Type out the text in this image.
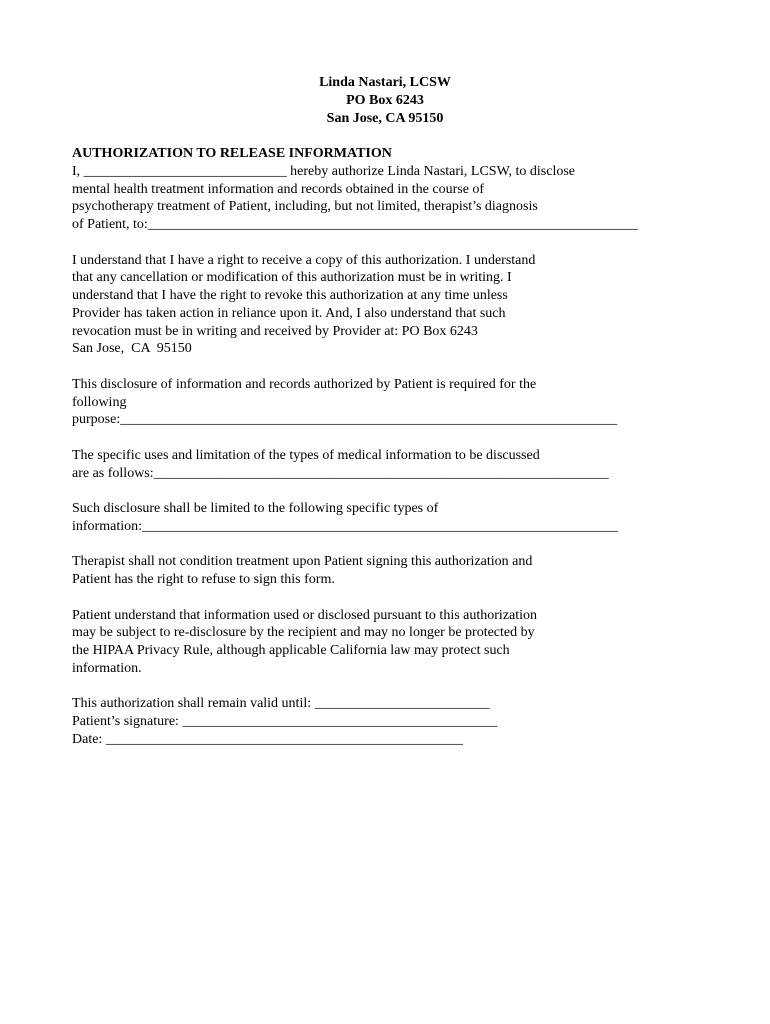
Linda Nastari, LCSW
PO Box 6243
San Jose, CA 95150
AUTHORIZATION TO RELEASE INFORMATION
I, _____________________________ hereby authorize Linda Nastari, LCSW, to disclose
mental health treatment information and records obtained in the course of
psychotherapy treatment of Patient, including, but not limited, therapist’s diagnosis
of Patient, to:______________________________________________________________________
I understand that I have a right to receive a copy of this authorization. I understand
that any cancellation or modification of this authorization must be in writing. I
understand that I have the right to revoke this authorization at any time unless
Provider has taken action in reliance upon it. And, I also understand that such
revocation must be in writing and received by Provider at: PO Box 6243
San Jose,  CA  95150
This disclosure of information and records authorized by Patient is required for the
following
purpose:_______________________________________________________________________
The specific uses and limitation of the types of medical information to be discussed
are as follows:_________________________________________________________________
Such disclosure shall be limited to the following specific types of
information:____________________________________________________________________
Therapist shall not condition treatment upon Patient signing this authorization and
Patient has the right to refuse to sign this form.
Patient understand that information used or disclosed pursuant to this authorization
may be subject to re-disclosure by the recipient and may no longer be protected by
the HIPAA Privacy Rule, although applicable California law may protect such
information.
This authorization shall remain valid until: _________________________
Patient’s signature: _____________________________________________
Date: ___________________________________________________
